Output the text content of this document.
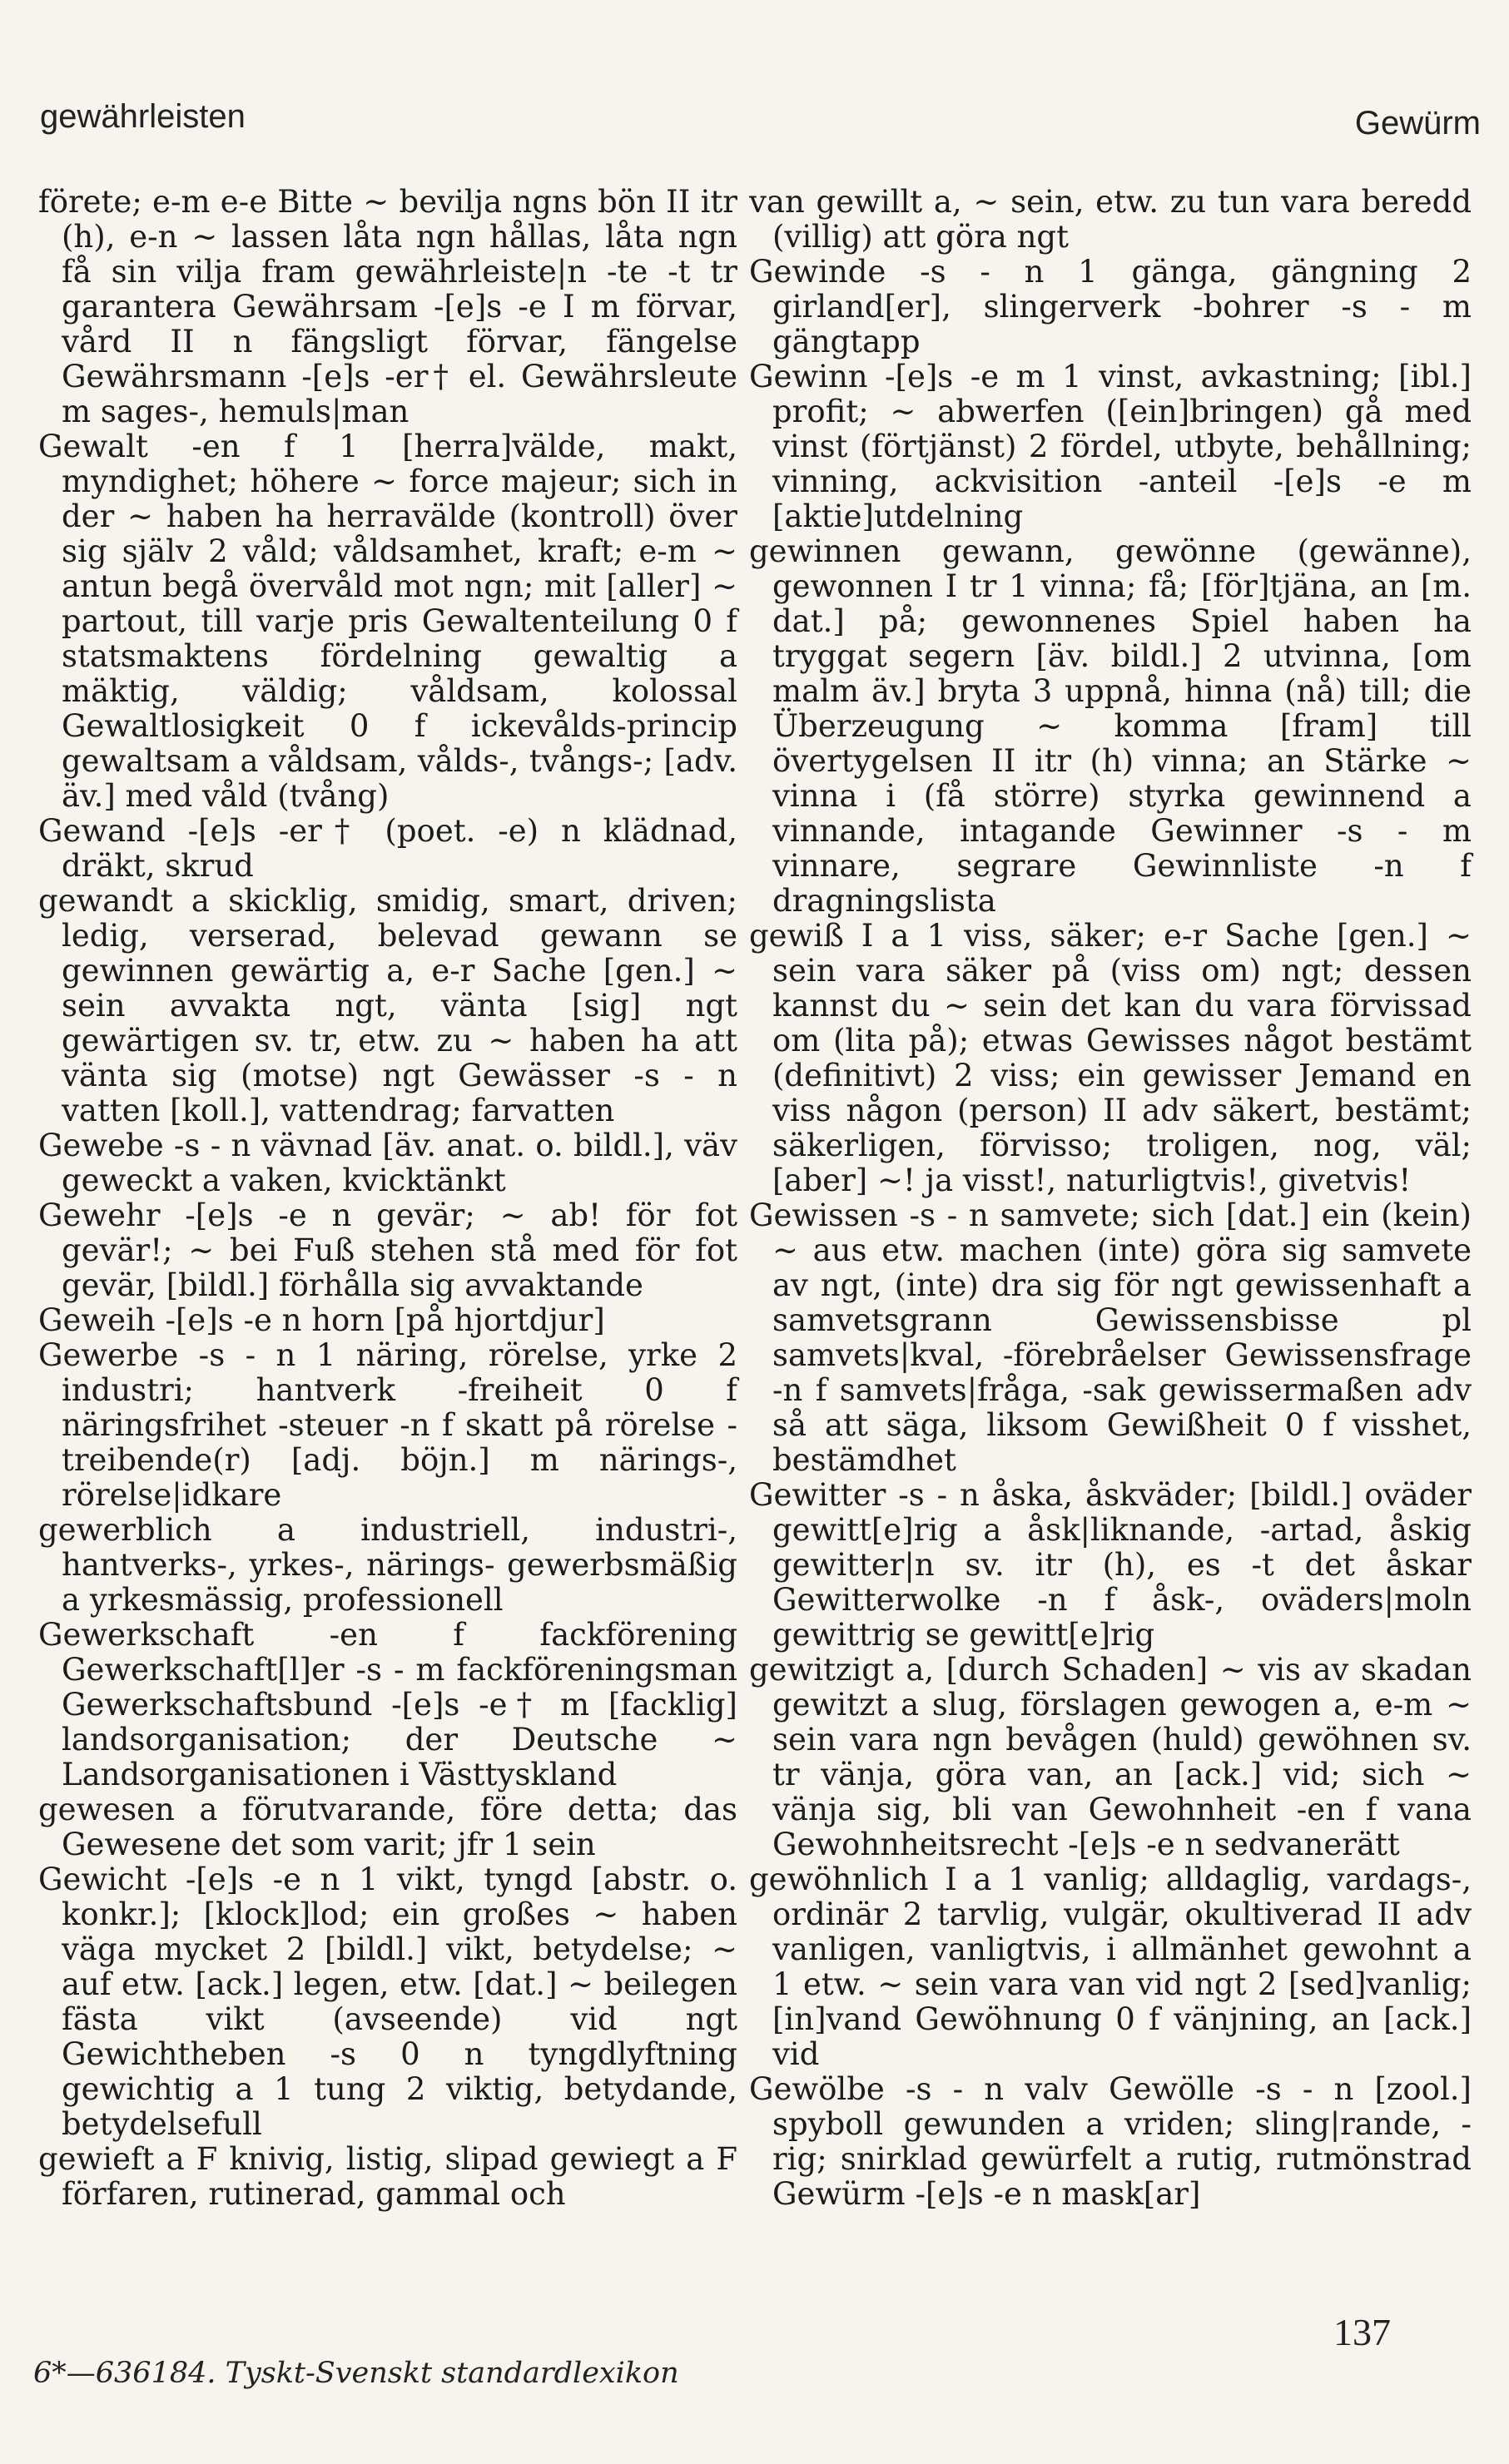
gewährleisten	Gewürm

förete; e-m e-e Bitte ~ bevilja ngns bön II itr (h), e-n ~ lassen låta ngn hållas, låta ngn få sin vilja fram gewährleiste|n -te -t tr garantera Gewährsam -[e]s -e I m förvar, vård II n fängsligt förvar, fängelse Gewährsmann -[e]s -er† el. Gewährsleute m sages-, hemuls|man

Gewalt -en f 1 [herra]välde, makt, myndighet; höhere ~ force majeur; sich in der ~ haben ha herravälde (kontroll) över sig själv 2 våld; våldsamhet, kraft; e-m ~ antun begå övervåld mot ngn; mit [aller] ~ partout, till varje pris Gewaltenteilung 0 f statsmaktens fördelning gewaltig a mäktig, väldig; våldsam, kolossal Gewaltlosigkeit 0 f ickevålds-princip gewaltsam a våldsam, vålds-, tvångs-; [adv. äv.] med våld (tvång)

Gewand -[e]s -er† (poet. -e) n klädnad, dräkt, skrud

gewandt a skicklig, smidig, smart, driven; ledig, verserad, belevad gewann se gewinnen gewärtig a, e-r Sache [gen.] ~ sein avvakta ngt, vänta [sig] ngt gewärtigen sv. tr, etw. zu ~ haben ha att vänta sig (motse) ngt Gewässer -s - n vatten [koll.], vattendrag; farvatten

Gewebe -s - n vävnad [äv. anat. o. bildl.], väv geweckt a vaken, kvicktänkt

Gewehr -[e]s -e n gevär; ~ ab! för fot gevär!; ~ bei Fuß stehen stå med för fot gevär, [bildl.] förhålla sig avvaktande

Geweih -[e]s -e n horn [på hjortdjur]

Gewerbe -s - n 1 näring, rörelse, yrke 2 industri; hantverk -freiheit 0 f näringsfrihet -steuer -n f skatt på rörelse -treibende(r) [adj. böjn.] m närings-, rörelse|idkare

gewerblich a industriell, industri-, hantverks-, yrkes-, närings- gewerbsmäßig a yrkesmässig, professionell

Gewerkschaft -en f fackförening Gewerkschaft[l]er -s - m fackföreningsman Gewerkschaftsbund -[e]s -e† m [facklig] landsorganisation; der Deutsche ~ Landsorganisationen i Västtyskland

gewesen a förutvarande, före detta; das Gewesene det som varit; jfr 1 sein

Gewicht -[e]s -e n 1 vikt, tyngd [abstr. o. konkr.]; [klock]lod; ein großes ~ haben väga mycket 2 [bildl.] vikt, betydelse; ~ auf etw. [ack.] legen, etw. [dat.] ~ beilegen fästa vikt (avseende) vid ngt Gewichtheben -s 0 n tyngdlyftning gewichtig a 1 tung 2 viktig, betydande, betydelsefull

gewieft a F knivig, listig, slipad gewiegt a F förfaren, rutinerad, gammal och

van gewillt a, ~ sein, etw. zu tun vara beredd (villig) att göra ngt

Gewinde -s - n 1 gänga, gängning 2 girland[er], slingerverk -bohrer -s - m gängtapp

Gewinn -[e]s -e m 1 vinst, avkastning; [ibl.] profit; ~ abwerfen ([ein]bringen) gå med vinst (förtjänst) 2 fördel, utbyte, behållning; vinning, ackvisition -anteil -[e]s -e m [aktie]utdelning

gewinnen gewann, gewönne (gewänne), gewonnen I tr 1 vinna; få; [för]tjäna, an [m. dat.] på; gewonnenes Spiel haben ha tryggat segern [äv. bildl.] 2 utvinna, [om malm äv.] bryta 3 uppnå, hinna (nå) till; die Überzeugung ~ komma [fram] till övertygelsen II itr (h) vinna; an Stärke ~ vinna i (få större) styrka gewinnend a vinnande, intagande Gewinner -s - m vinnare, segrare Gewinnliste -n f dragningslista

gewiß I a 1 viss, säker; e-r Sache [gen.] ~ sein vara säker på (viss om) ngt; dessen kannst du ~ sein det kan du vara förvissad om (lita på); etwas Gewisses något bestämt (definitivt) 2 viss; ein gewisser Jemand en viss någon (person) II adv säkert, bestämt; säkerligen, förvisso; troligen, nog, väl; [aber] ~! ja visst!, naturligtvis!, givetvis!

Gewissen -s - n samvete; sich [dat.] ein (kein) ~ aus etw. machen (inte) göra sig samvete av ngt, (inte) dra sig för ngt gewissenhaft a samvetsgrann Gewissensbisse pl samvets|kval, -förebråelser Gewissensfrage -n f samvets|fråga, -sak gewissermaßen adv så att säga, liksom Gewißheit 0 f visshet, bestämdhet

Gewitter -s - n åska, åskväder; [bildl.] oväder gewitt[e]rig a åsk|liknande, -artad, åskig gewitter|n sv. itr (h), es -t det åskar Gewitterwolke -n f åsk-, oväders|moln gewittrig se gewitt[e]rig

gewitzigt a, [durch Schaden] ~ vis av skadan gewitzt a slug, förslagen gewogen a, e-m ~ sein vara ngn bevågen (huld) gewöhnen sv. tr vänja, göra van, an [ack.] vid; sich ~ vänja sig, bli van Gewohnheit -en f vana Gewohnheitsrecht -[e]s -e n sedvanerätt

gewöhnlich I a 1 vanlig; alldaglig, vardags-, ordinär 2 tarvlig, vulgär, okultiverad II adv vanligen, vanligtvis, i allmänhet gewohnt a 1 etw. ~ sein vara van vid ngt 2 [sed]vanlig; [in]vand Gewöhnung 0 f vänjning, an [ack.] vid

Gewölbe -s - n valv Gewölle -s - n [zool.] spyboll gewunden a vriden; sling|rande, -rig; snirklad gewürfelt a rutig, rutmönstrad Gewürm -[e]s -e n mask[ar]

137
6*—636184. Tyskt-Svenskt standardlexikon
